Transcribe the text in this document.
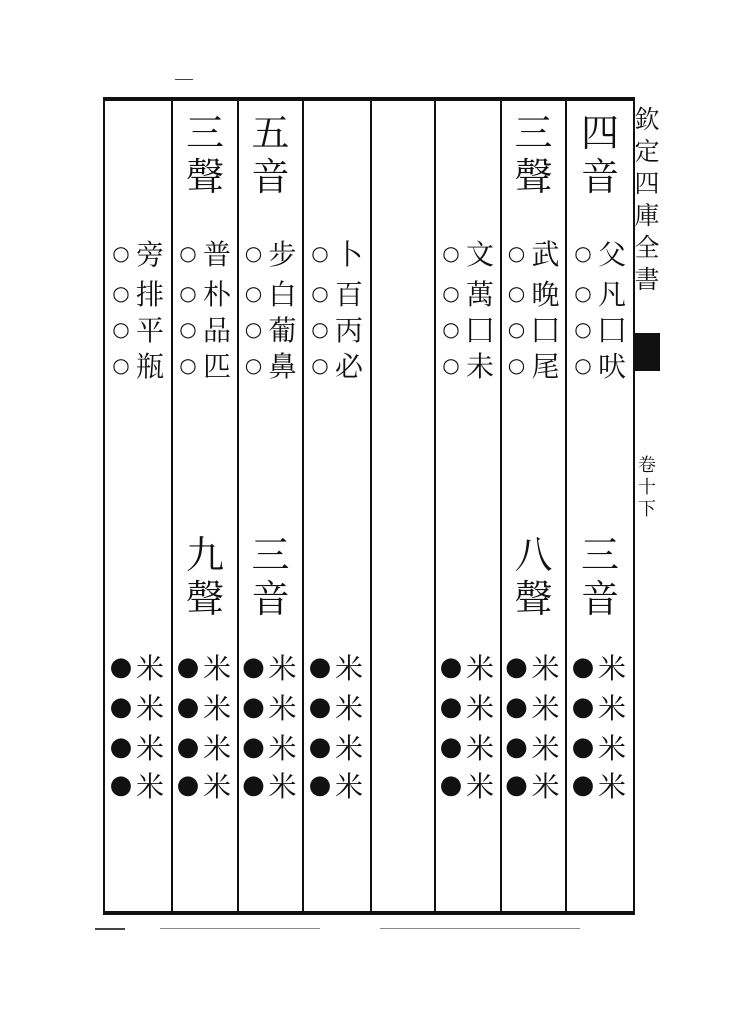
四
音
○ 父
○ 凡
○ 囗
○ 吠
三
音
● 米
● 米
● 米
● 米
三
聲
○ 武
○ 晚
○ 囗
○ 尾
八
聲
● 米
● 米
● 米
● 米
○ 文
○ 萬
○ 囗
○ 未
● 米
● 米
● 米
● 米
○ 卜
○ 百
○ 丙
○ 必
● 米
● 米
● 米
● 米
五
音
○ 步
○ 白
○ 葡
○ 鼻
三
音
● 米
● 米
● 米
● 米
三
聲
○ 普
○ 朴
○ 品
○ 匹
九
聲
● 米
● 米
● 米
● 米
○ 旁
○ 排
○ 平
○ 瓶
● 米
● 米
● 米
● 米
欽
定
四
庫
全
書
卷
十
下
